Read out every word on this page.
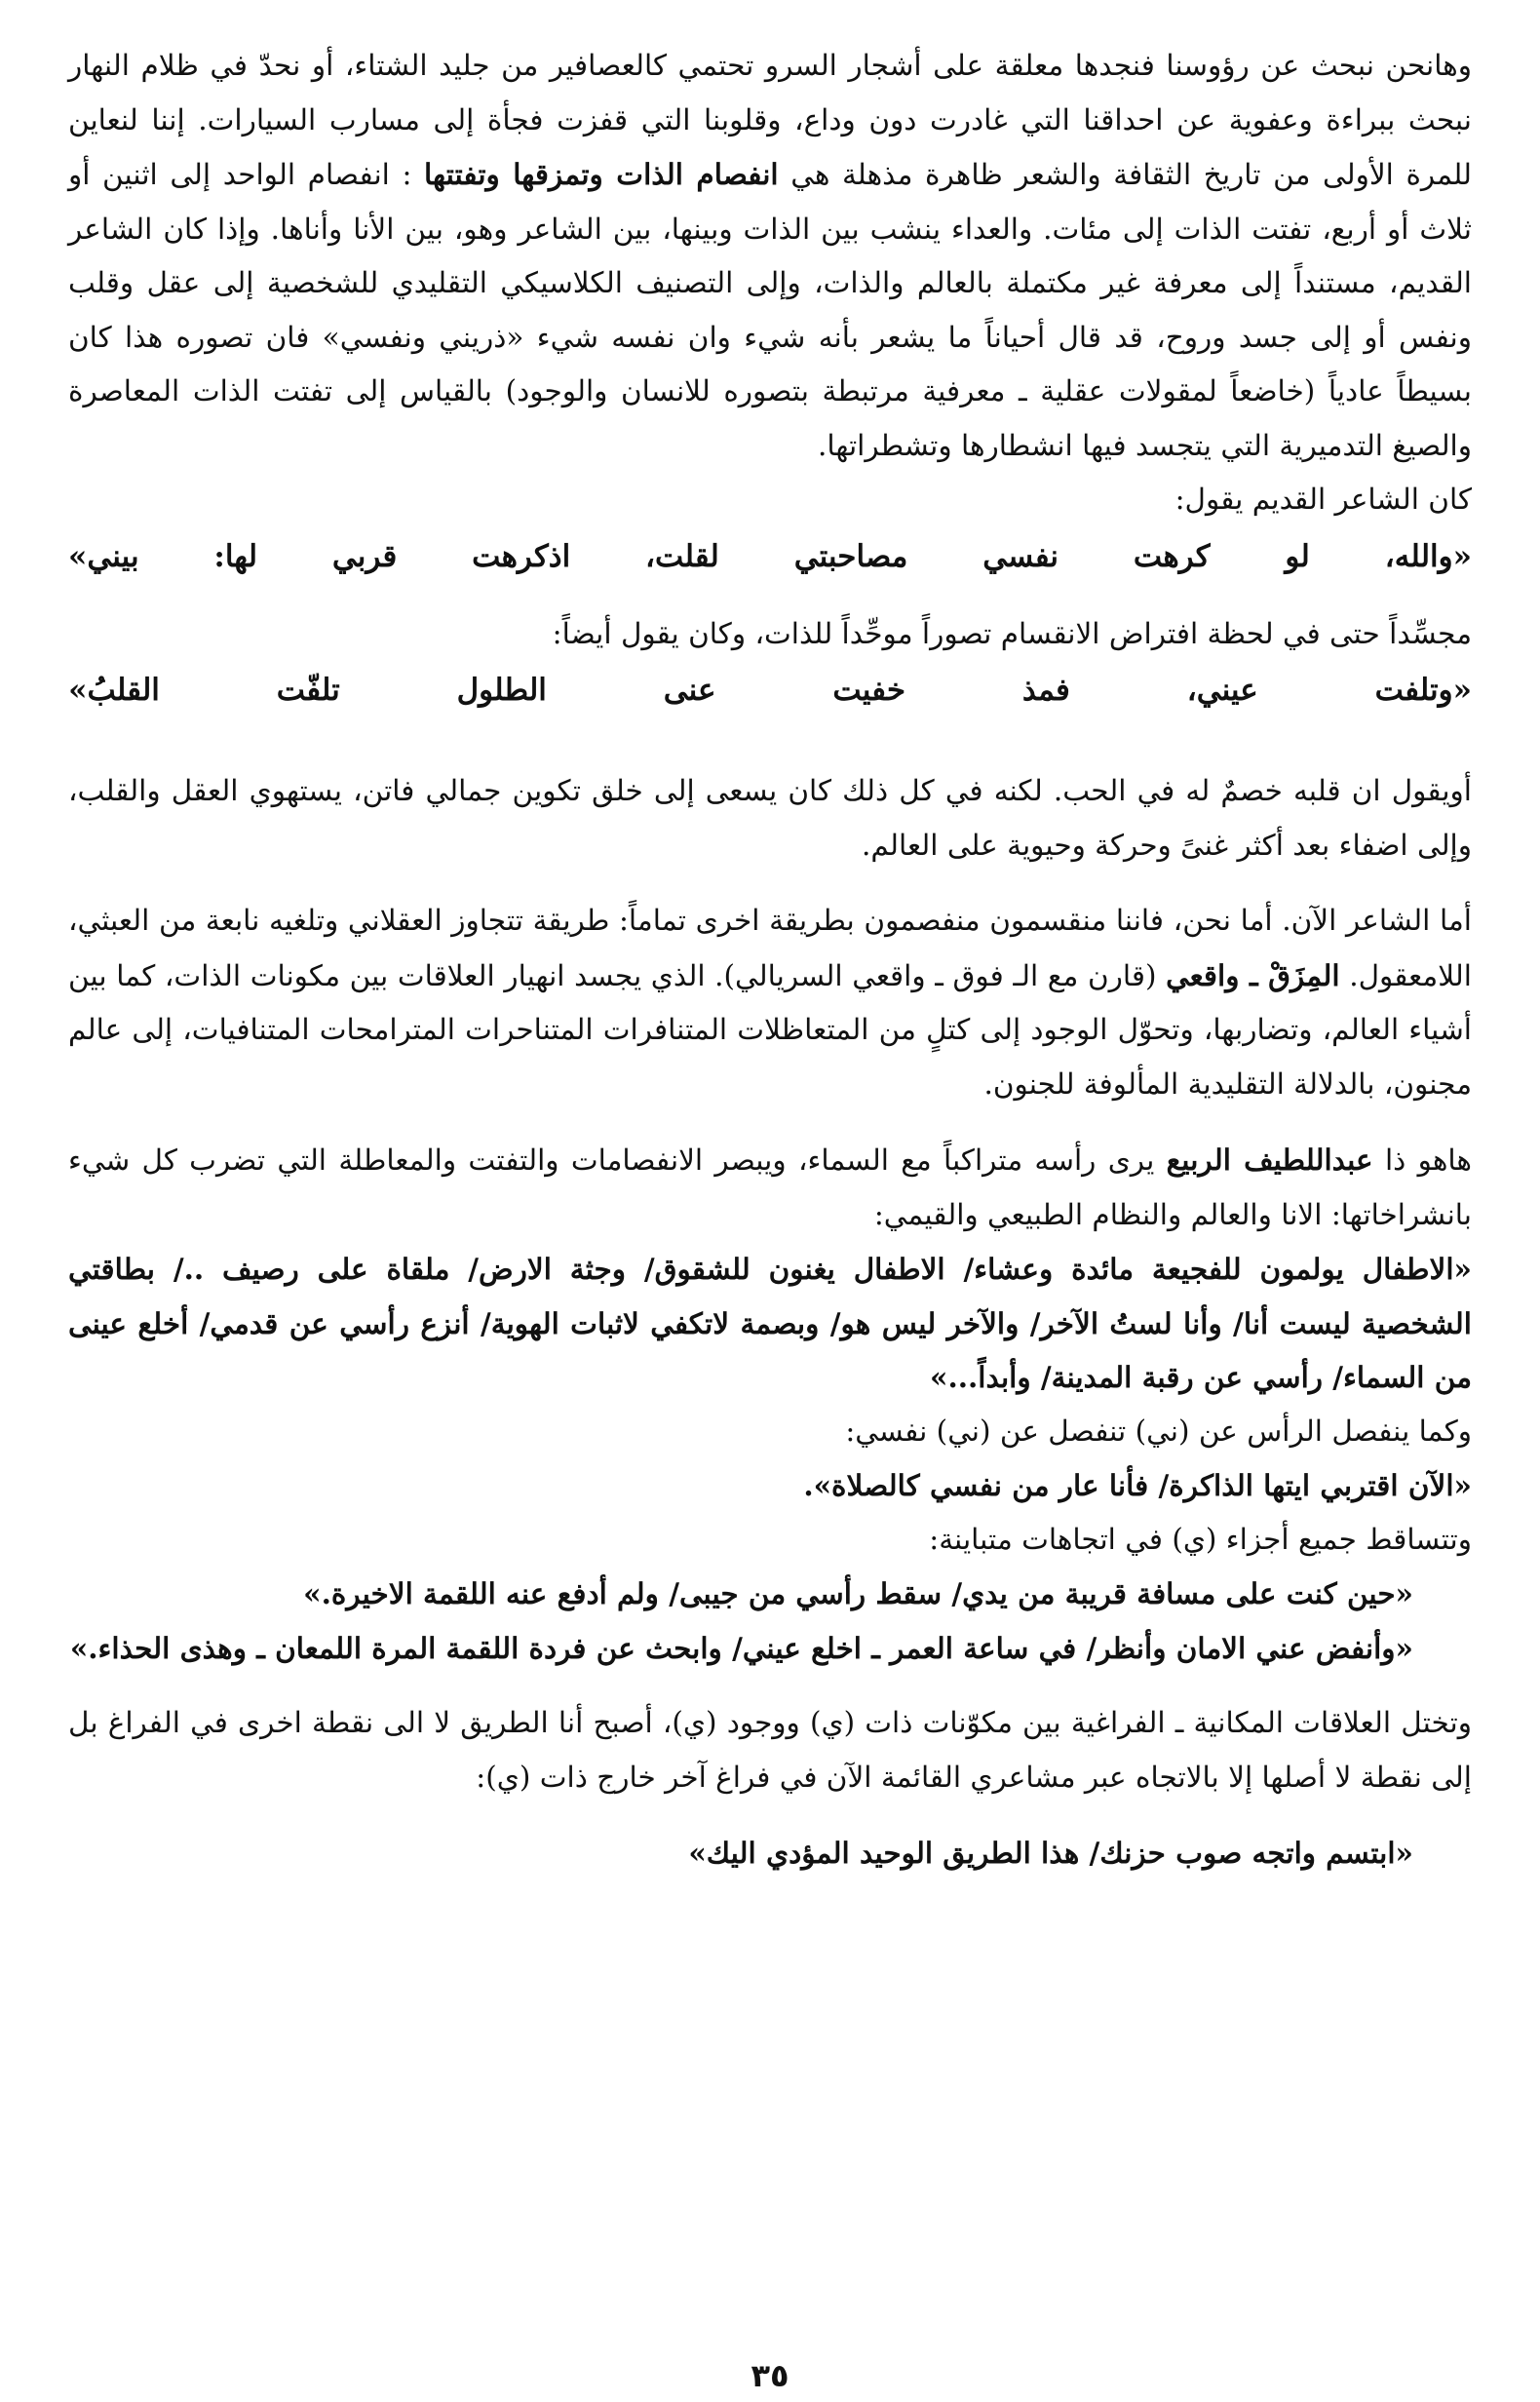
وهانحن نبحث عن رؤوسنا فنجدها معلقة على أشجار السرو تحتمي كالعصافير من جليد الشتاء، أو نحدّ في ظلام النهار نبحث ببراءة وعفوية عن احداقنا التي غادرت دون وداع، وقلوبنا التي قفزت فجأة إلى مسارب السيارات. إننا لنعاين للمرة الأولى من تاريخ الثقافة والشعر ظاهرة مذهلة هي انفصام الذات وتمزقها وتفتتها : انفصام الواحد إلى اثنين أو ثلاث أو أربع، تفتت الذات إلى مئات. والعداء ينشب بين الذات وبينها، بين الشاعر وهو، بين الأنا وأناها. وإذا كان الشاعر القديم، مستنداً إلى معرفة غير مكتملة بالعالم والذات، وإلى التصنيف الكلاسيكي التقليدي للشخصية إلى عقل وقلب ونفس أو إلى جسد وروح، قد قال أحياناً ما يشعر بأنه شيء وان نفسه شيء «ذريني ونفسي» فان تصوره هذا كان بسيطاً عادياً (خاضعاً لمقولات عقلية ـ معرفية مرتبطة بتصوره للانسان والوجود) بالقياس إلى تفتت الذات المعاصرة والصيغ التدميرية التي يتجسد فيها انشطارها وتشطراتها.

كان الشاعر القديم يقول:

«والله،
لو
كرهت
نفسي
مصاحبتي
لقلت،
اذكرهت
قربي
لها:
بيني»

مجسِّداً حتى في لحظة افتراض الانقسام تصوراً موحِّداً للذات، وكان يقول أيضاً:

«وتلفت
عيني،
فمذ
خفيت
عنى
الطلول
تلفّت
القلبُ»

أويقول ان قلبه خصمٌ له في الحب. لكنه في كل ذلك كان يسعى إلى خلق تكوين جمالي فاتن، يستهوي العقل والقلب، وإلى اضفاء بعد أكثر غنىً وحركة وحيوية على العالم.

أما الشاعر الآن. أما نحن، فاننا منقسمون منفصمون بطريقة اخرى تماماً: طريقة تتجاوز العقلاني وتلغيه نابعة من العبثي، اللامعقول. المِزَقْ ـ واقعي (قارن مع الـ فوق ـ واقعي السريالي). الذي يجسد انهيار العلاقات بين مكونات الذات، كما بين أشياء العالم، وتضاربها، وتحوّل الوجود إلى كتلٍ من المتعاظلات المتنافرات المتناحرات المترامحات المتنافيات، إلى عالم مجنون، بالدلالة التقليدية المألوفة للجنون.

هاهو ذا عبداللطيف الربيع يرى رأسه متراكباً مع السماء، ويبصر الانفصامات والتفتت والمعاطلة التي تضرب كل شيء بانشراخاتها: الانا والعالم والنظام الطبيعي والقيمي:

«الاطفال يولمون للفجيعة مائدة وعشاء/ الاطفال يغنون للشقوق/ وجثة الارض/ ملقاة على رصيف ../ بطاقتي الشخصية ليست أنا/ وأنا لستُ الآخر/ والآخر ليس هو/ وبصمة لاتكفي لاثبات الهوية/ أنزع رأسي عن قدمي/ أخلع عينى من السماء/ رأسي عن رقبة المدينة/ وأبداً...»

وكما ينفصل الرأس عن (ني) تنفصل عن (ني) نفسي:

«الآن اقتربي ايتها الذاكرة/ فأنا عار من نفسي كالصلاة».

وتتساقط جميع أجزاء (ي) في اتجاهات متباينة:

«حين كنت على مسافة قريبة من يدي/ سقط رأسي من جيبى/ ولم أدفع عنه اللقمة الاخيرة.»

«وأنفض عني الامان وأنظر/ في ساعة العمر ـ اخلع عيني/ وابحث عن فردة اللقمة المرة اللمعان ـ وهذى الحذاء.»

وتختل العلاقات المكانية ـ الفراغية بين مكوّنات ذات (ي) ووجود (ي)، أصبح أنا الطريق لا الى نقطة اخرى في الفراغ بل إلى نقطة لا أصلها إلا بالاتجاه عبر مشاعري القائمة الآن في فراغ آخر خارج ذات (ي):

«ابتسم واتجه صوب حزنك/ هذا الطريق الوحيد المؤدي اليك»

٣٥
